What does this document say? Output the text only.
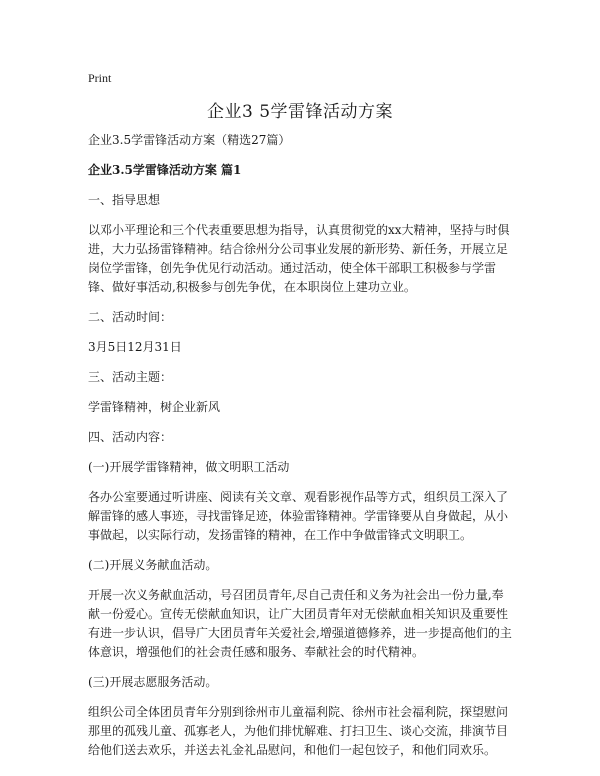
Print
企业3 5学雷锋活动方案

企业3.5学雷锋活动方案（精选27篇）

企业3.5学雷锋活动方案 篇1

一、指导思想

以邓小平理论和三个代表重要思想为指导，认真贯彻党的xx大精神，坚持与时俱进，大力弘扬雷锋精神。结合徐州分公司事业发展的新形势、新任务，开展立足岗位学雷锋，创先争优见行动活动。通过活动，使全体干部职工积极参与学雷锋、做好事活动,积极参与创先争优，在本职岗位上建功立业。

二、活动时间：

3月5日12月31日

三、活动主题：

学雷锋精神，树企业新风

四、活动内容：

(一)开展学雷锋精神，做文明职工活动

各办公室要通过听讲座、阅读有关文章、观看影视作品等方式，组织员工深入了解雷锋的感人事迹，寻找雷锋足迹，体验雷锋精神。学雷锋要从自身做起，从小事做起，以实际行动，发扬雷锋的精神，在工作中争做雷锋式文明职工。

(二)开展义务献血活动。

开展一次义务献血活动，号召团员青年,尽自己责任和义务为社会出一份力量,奉献一份爱心。宣传无偿献血知识，让广大团员青年对无偿献血相关知识及重要性有进一步认识，倡导广大团员青年关爱社会,增强道德修养，进一步提高他们的主体意识，增强他们的社会责任感和服务、奉献社会的时代精神。

(三)开展志愿服务活动。

组织公司全体团员青年分别到徐州市儿童福利院、徐州市社会福利院，探望慰问那里的孤残儿童、孤寡老人，为他们排忧解难、打扫卫生、谈心交流，排演节目给他们送去欢乐，并送去礼金礼品慰问，和他们一起包饺子，和他们同欢乐。
